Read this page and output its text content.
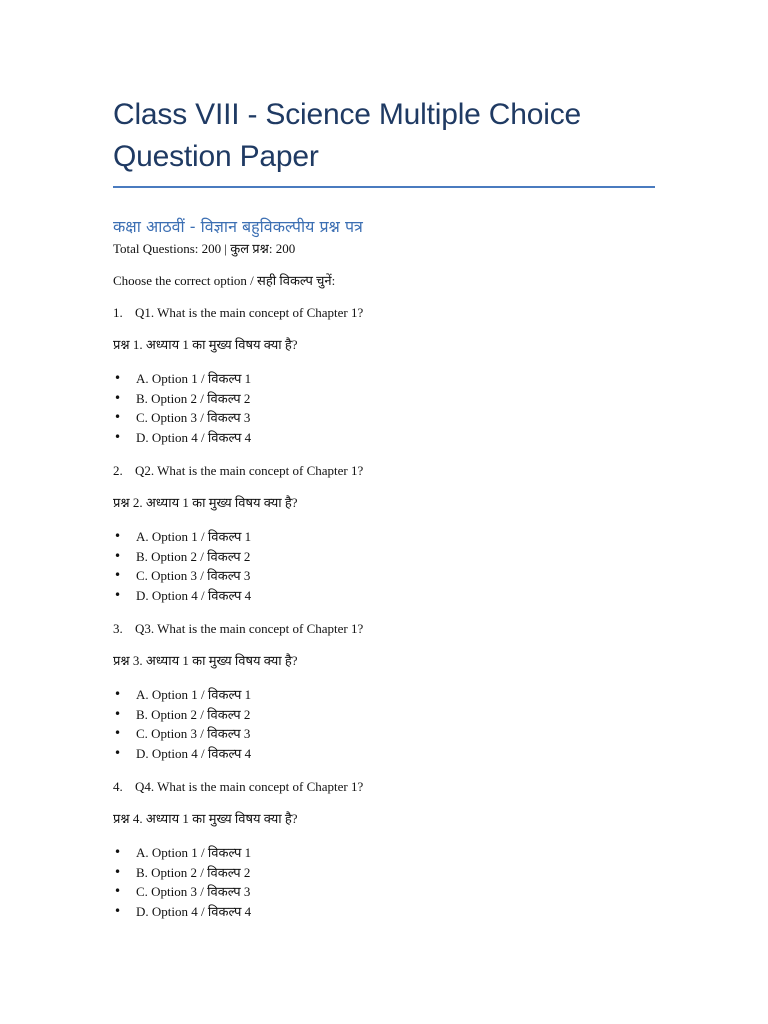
Class VIII - Science Multiple Choice Question Paper
कक्षा आठवीं - विज्ञान बहुविकल्पीय प्रश्न पत्र
Total Questions: 200 | कुल प्रश्न: 200
Choose the correct option / सही विकल्प चुनें:
1. Q1. What is the main concept of Chapter 1?
प्रश्न 1. अध्याय 1 का मुख्य विषय क्या है?
•	A. Option 1 / विकल्प 1
•	B. Option 2 / विकल्प 2
•	C. Option 3 / विकल्प 3
•	D. Option 4 / विकल्प 4
2. Q2. What is the main concept of Chapter 1?
प्रश्न 2. अध्याय 1 का मुख्य विषय क्या है?
•	A. Option 1 / विकल्प 1
•	B. Option 2 / विकल्प 2
•	C. Option 3 / विकल्प 3
•	D. Option 4 / विकल्प 4
3. Q3. What is the main concept of Chapter 1?
प्रश्न 3. अध्याय 1 का मुख्य विषय क्या है?
•	A. Option 1 / विकल्प 1
•	B. Option 2 / विकल्प 2
•	C. Option 3 / विकल्प 3
•	D. Option 4 / विकल्प 4
4. Q4. What is the main concept of Chapter 1?
प्रश्न 4. अध्याय 1 का मुख्य विषय क्या है?
•	A. Option 1 / विकल्प 1
•	B. Option 2 / विकल्प 2
•	C. Option 3 / विकल्प 3
•	D. Option 4 / विकल्प 4
